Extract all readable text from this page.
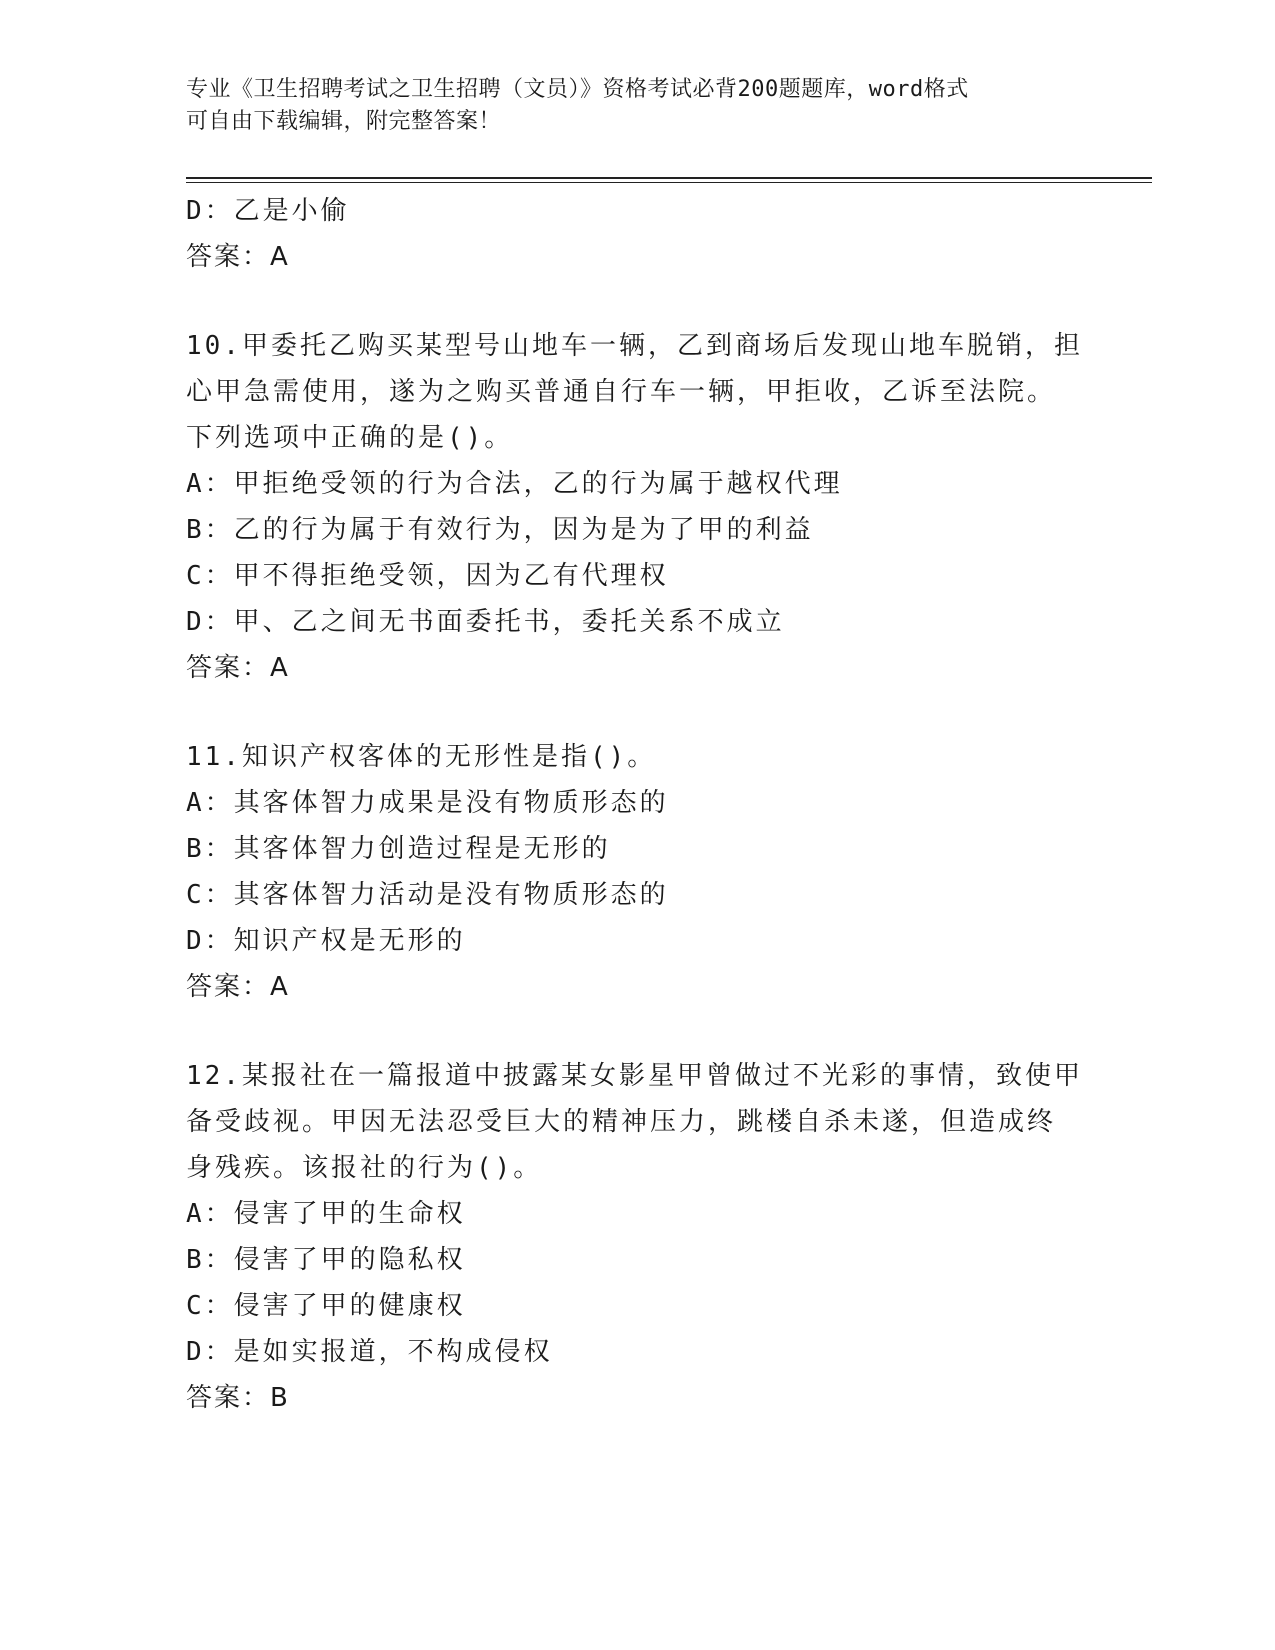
专业《卫生招聘考试之卫生招聘（文员）》资格考试必背200题题库，word格式
可自由下载编辑，附完整答案！
D：乙是小偷
答案：A
10.甲委托乙购买某型号山地车一辆，乙到商场后发现山地车脱销，担
心甲急需使用，遂为之购买普通自行车一辆，甲拒收，乙诉至法院。
下列选项中正确的是()。
A：甲拒绝受领的行为合法，乙的行为属于越权代理
B：乙的行为属于有效行为，因为是为了甲的利益
C：甲不得拒绝受领，因为乙有代理权
D：甲、乙之间无书面委托书，委托关系不成立
答案：A
11.知识产权客体的无形性是指()。
A：其客体智力成果是没有物质形态的
B：其客体智力创造过程是无形的
C：其客体智力活动是没有物质形态的
D：知识产权是无形的
答案：A
12.某报社在一篇报道中披露某女影星甲曾做过不光彩的事情，致使甲
备受歧视。甲因无法忍受巨大的精神压力，跳楼自杀未遂，但造成终
身残疾。该报社的行为()。
A：侵害了甲的生命权
B：侵害了甲的隐私权
C：侵害了甲的健康权
D：是如实报道，不构成侵权
答案：B
